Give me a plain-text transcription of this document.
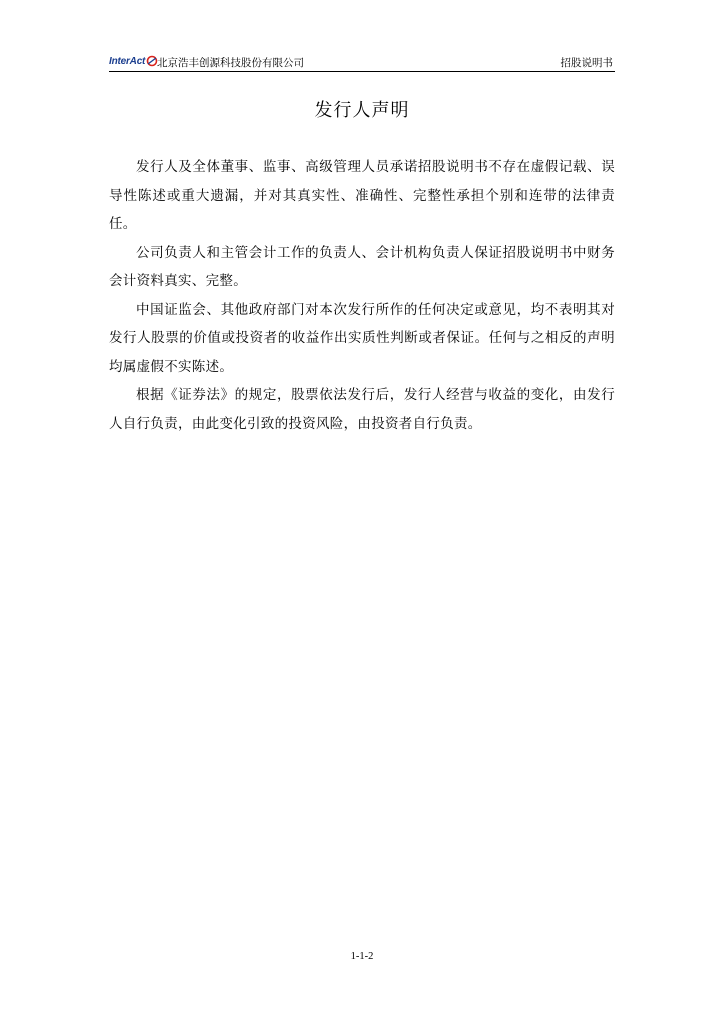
InterAct 北京浩丰创源科技股份有限公司	招股说明书
发行人声明

发行人及全体董事、监事、高级管理人员承诺招股说明书不存在虚假记载、误导性陈述或重大遗漏，并对其真实性、准确性、完整性承担个别和连带的法律责任。

公司负责人和主管会计工作的负责人、会计机构负责人保证招股说明书中财务会计资料真实、完整。

中国证监会、其他政府部门对本次发行所作的任何决定或意见，均不表明其对发行人股票的价值或投资者的收益作出实质性判断或者保证。任何与之相反的声明均属虚假不实陈述。

根据《证券法》的规定，股票依法发行后，发行人经营与收益的变化，由发行人自行负责，由此变化引致的投资风险，由投资者自行负责。

1-1-2
